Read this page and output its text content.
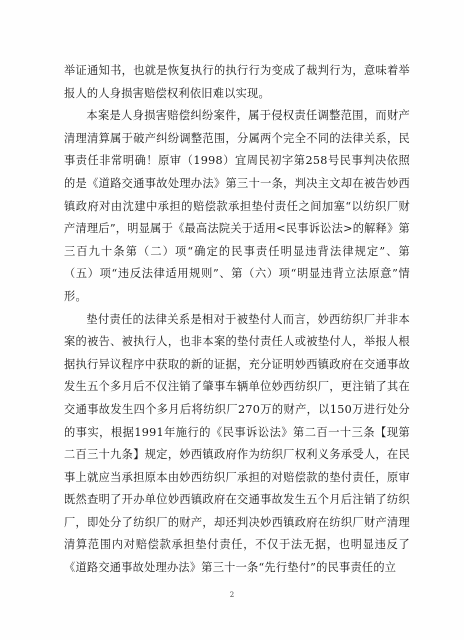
举证通知书，也就是恢复执行的执行行为变成了裁判行为，意味着举报人的人身损害赔偿权利依旧难以实现。

本案是人身损害赔偿纠纷案件，属于侵权责任调整范围，而财产清理清算属于破产纠纷调整范围，分属两个完全不同的法律关系，民事责任非常明确！原审（1998）宜周民初字第258号民事判决依照的是《道路交通事故处理办法》第三十一条，判决主文却在被告妙西镇政府对由沈建中承担的赔偿款承担垫付责任之间加塞“以纺织厂财产清理后”，明显属于《最高法院关于适用<民事诉讼法>的解释》第三百九十条第（二）项“确定的民事责任明显违背法律规定”、第（五）项“违反法律适用规则”、第（六）项“明显违背立法原意”情形。

垫付责任的法律关系是相对于被垫付人而言，妙西纺织厂并非本案的被告、被执行人，也非本案的垫付责任人或被垫付人，举报人根据执行异议程序中获取的新的证据，充分证明妙西镇政府在交通事故发生五个多月后不仅注销了肇事车辆单位妙西纺织厂，更注销了其在交通事故发生四个多月后将纺织厂270万的财产，以150万进行处分的事实，根据1991年施行的《民事诉讼法》第二百一十三条【现第二百三十九条】规定，妙西镇政府作为纺织厂权利义务承受人，在民事上就应当承担原本由妙西纺织厂承担的对赔偿款的垫付责任，原审既然查明了开办单位妙西镇政府在交通事故发生五个月后注销了纺织厂，即处分了纺织厂的财产，却还判决妙西镇政府在纺织厂财产清理清算范围内对赔偿款承担垫付责任，不仅于法无据，也明显违反了《道路交通事故处理办法》第三十一条“先行垫付”的民事责任的立

2
